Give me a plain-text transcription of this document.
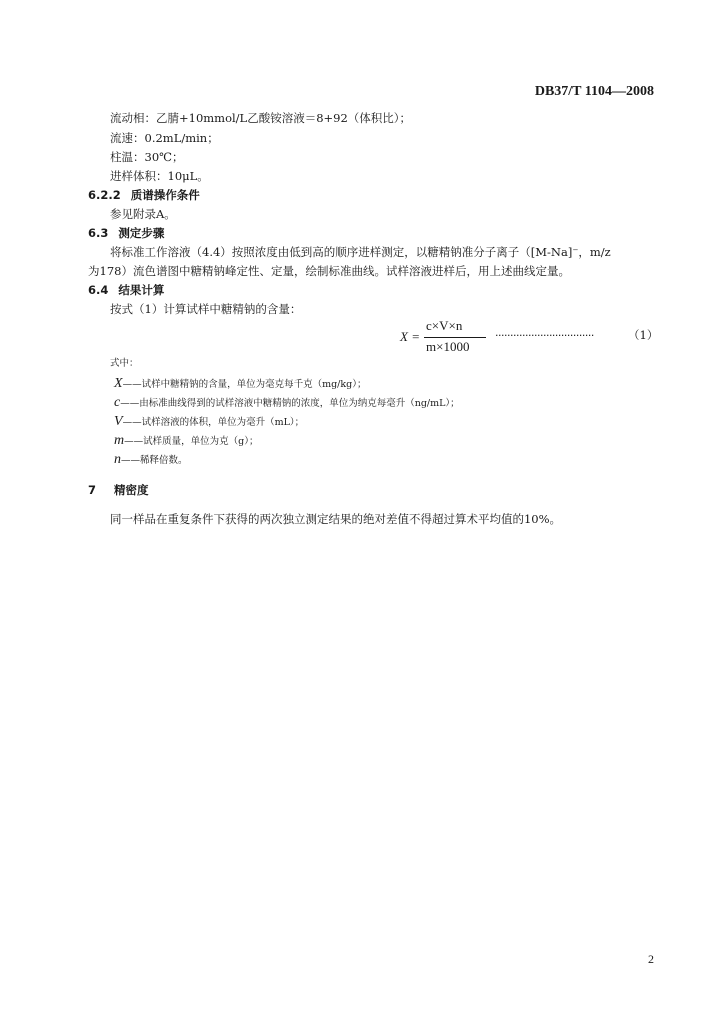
DB37/T 1104—2008
流动相：乙腈+10mmol/L乙酸铵溶液＝8+92（体积比）；
流速：0.2mL/min；
柱温：30℃；
进样体积：10μL。
6.2.2 质谱操作条件
参见附录A。
6.3 测定步骤
将标准工作溶液（4.4）按照浓度由低到高的顺序进样测定，以糖精钠准分子离子（[M-Na]⁻，m/z
为178）流色谱图中糖精钠峰定性、定量，绘制标准曲线。试样溶液进样后，用上述曲线定量。
6.4 结果计算
按式（1）计算试样中糖精钠的含量：
X =
c×V×n
m×1000
·································	（1）
式中：
X——试样中糖精钠的含量，单位为毫克每千克（mg/kg）；
c——由标准曲线得到的试样溶液中糖精钠的浓度，单位为纳克每毫升（ng/mL）；
V——试样溶液的体积，单位为毫升（mL）；
m——试样质量，单位为克（g）；
n——稀释倍数。
7 精密度
同一样品在重复条件下获得的两次独立测定结果的绝对差值不得超过算术平均值的10%。
2
